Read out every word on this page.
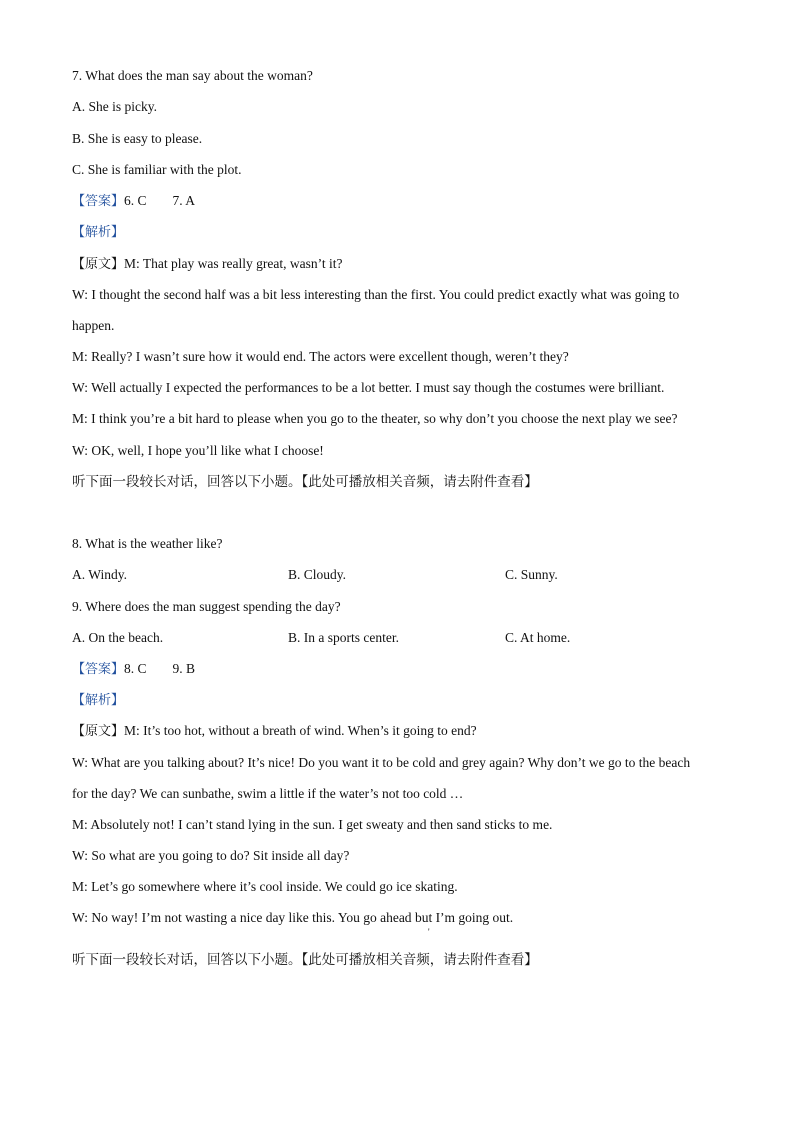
7. What does the man say about the woman?
A. She is picky.
B. She is easy to please.
C. She is familiar with the plot.
【答案】6. C 7. A
【解析】
【原文】M: That play was really great, wasn’t it?
W: I thought the second half was a bit less interesting than the first. You could predict exactly what was going to
happen.
M: Really? I wasn’t sure how it would end. The actors were excellent though, weren’t they?
W: Well actually I expected the performances to be a lot better. I must say though the costumes were brilliant.
M: I think you’re a bit hard to please when you go to the theater, so why don’t you choose the next play we see?
W: OK, well, I hope you’ll like what I choose!
听下面一段较长对话，回答以下小题。【此处可播放相关音频，请去附件查看】
8. What is the weather like?
A. Windy.	B. Cloudy.	C. Sunny.
9. Where does the man suggest spending the day?
A. On the beach.	B. In a sports center.	C. At home.
【答案】8. C 9. B
【解析】
【原文】M: It’s too hot, without a breath of wind. When’s it going to end?
W: What are you talking about? It’s nice! Do you want it to be cold and grey again? Why don’t we go to the beach
for the day? We can sunbathe, swim a little if the water’s not too cold …
M: Absolutely not! I can’t stand lying in the sun. I get sweaty and then sand sticks to me.
W: So what are you going to do? Sit inside all day?
M: Let’s go somewhere where it’s cool inside. We could go ice skating.
W: No way! I’m not wasting a nice day like this. You go ahead but I’m going out.
'
听下面一段较长对话，回答以下小题。【此处可播放相关音频，请去附件查看】
